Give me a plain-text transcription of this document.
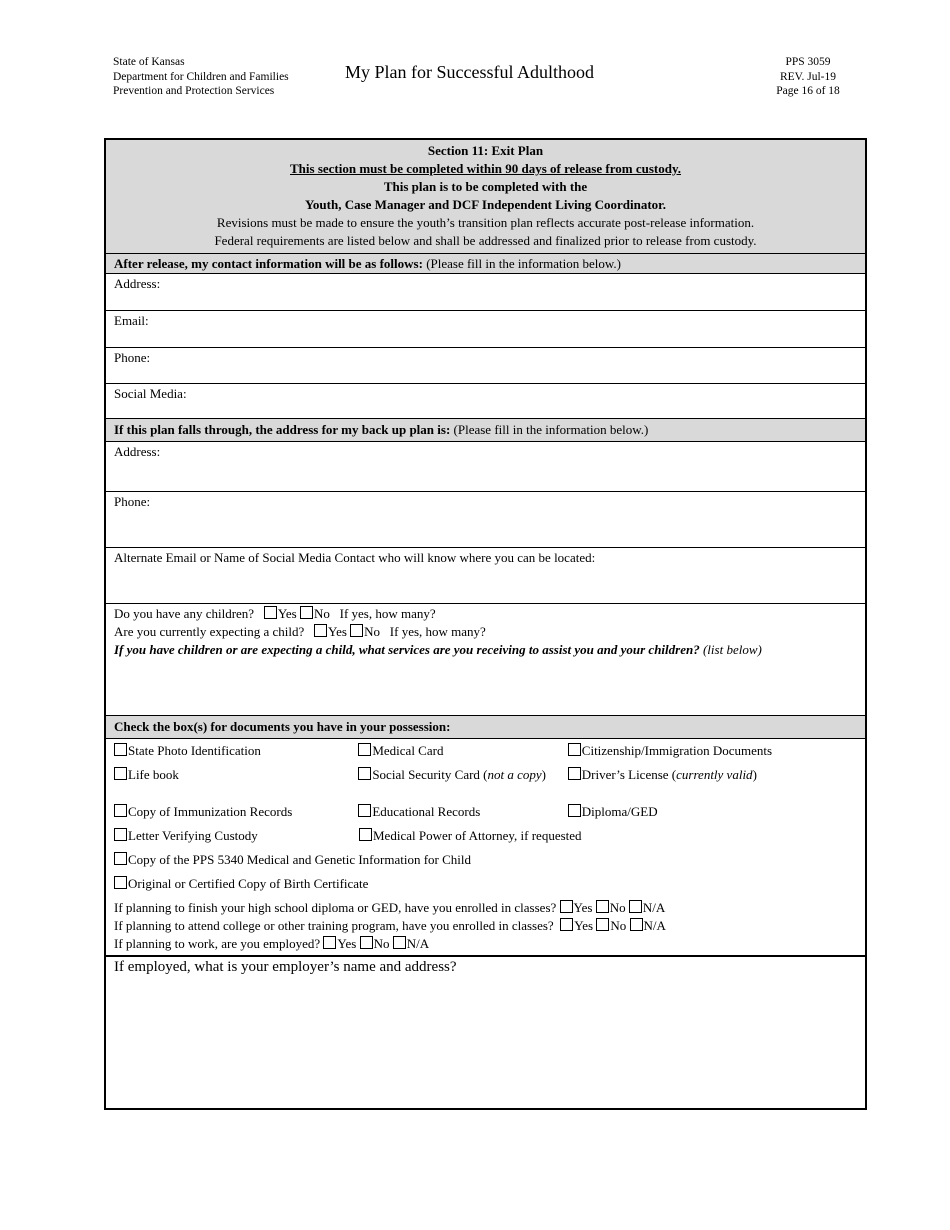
State of Kansas
Department for Children and Families
Prevention and Protection Services
My Plan for Successful Adulthood	PPS 3059
REV. Jul-19
Page 16 of 18
Section 11: Exit Plan
This section must be completed within 90 days of release from custody.
This plan is to be completed with the
Youth, Case Manager and DCF Independent Living Coordinator.
Revisions must be made to ensure the youth’s transition plan reflects accurate post-release information.
Federal requirements are listed below and shall be addressed and finalized prior to release from custody.
After release, my contact information will be as follows: (Please fill in the information below.)
Address:
Email:
Phone:
Social Media:
If this plan falls through, the address for my back up plan is: (Please fill in the information below.)
Address:
Phone:
Alternate Email or Name of Social Media Contact who will know where you can be located:
Do you have any children? Yes No If yes, how many?
Are you currently expecting a child? Yes No If yes, how many?
If you have children or are expecting a child, what services are you receiving to assist you and your children? (list below)
Check the box(s) for documents you have in your possession:
State Photo Identification	Medical Card	Citizenship/Immigration Documents
Life book	Social Security Card (not a copy)	Driver’s License (currently valid)
Copy of Immunization Records	Educational Records	Diploma/GED
Letter Verifying Custody	Medical Power of Attorney, if requested
Copy of the PPS 5340 Medical and Genetic Information for Child
Original or Certified Copy of Birth Certificate
If planning to finish your high school diploma or GED, have you enrolled in classes? Yes No N/A
If planning to attend college or other training program, have you enrolled in classes? Yes No N/A
If planning to work, are you employed? Yes No N/A
If employed, what is your employer’s name and address?
